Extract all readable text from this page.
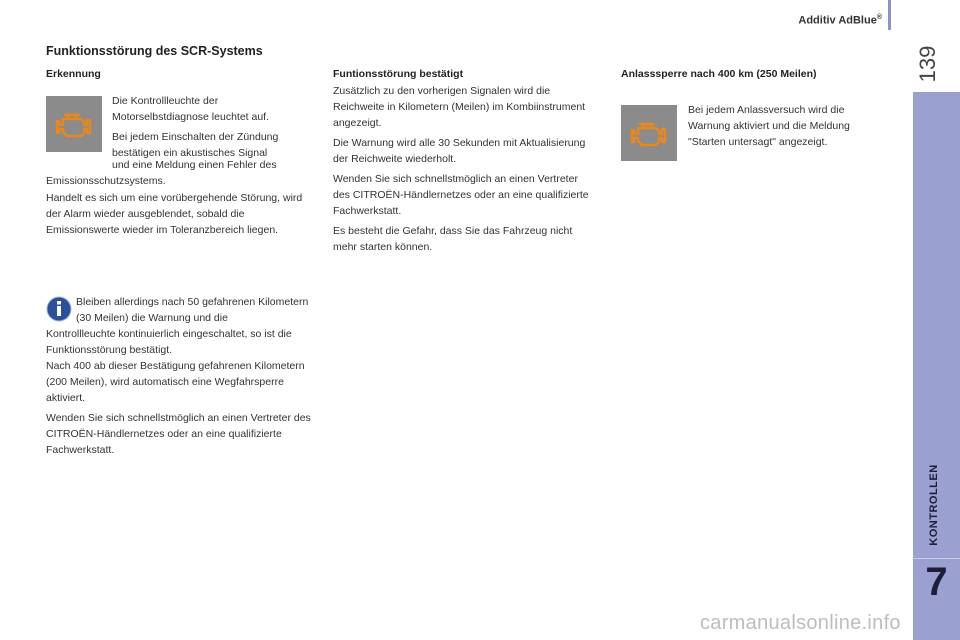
Additiv AdBlue®
139
KONTROLLEN
7
Funktionsstörung des SCR-Systems
Erkennung

Die Kontrollleuchte der Motorselbstdiagnose leuchtet auf.

Bei jedem Einschalten der Zündung bestätigen ein akustisches Signal

und eine Meldung einen Fehler des
Emissionsschutzsystems.
Handelt es sich um eine vorübergehende Störung, wird der Alarm wieder ausgeblendet, sobald die Emissionswerte wieder im Toleranzbereich liegen.
Bleiben allerdings nach 50 gefahrenen Kilometern (30 Meilen) die Warnung und die
Kontrollleuchte kontinuierlich eingeschaltet, so ist die Funktionsstörung bestätigt.

Nach 400 ab dieser Bestätigung gefahrenen Kilometern (200 Meilen), wird automatisch eine Wegfahrsperre aktiviert.

Wenden Sie sich schnellstmöglich an einen Vertreter des CITROËN-Händlernetzes oder an eine qualifizierte Fachwerkstatt.

Funtionsstörung bestätigt

Zusätzlich zu den vorherigen Signalen wird die Reichweite in Kilometern (Meilen) im Kombiinstrument angezeigt.

Die Warnung wird alle 30 Sekunden mit Aktualisierung der Reichweite wiederholt.

Wenden Sie sich schnellstmöglich an einen Vertreter des CITROËN-Händlernetzes oder an eine qualifizierte Fachwerkstatt.

Es besteht die Gefahr, dass Sie das Fahrzeug nicht mehr starten können.

Anlasssperre nach 400 km (250 Meilen)
Bei jedem Anlassversuch wird die Warnung aktiviert und die Meldung "Starten untersagt" angezeigt.
carmanualsonline.info
